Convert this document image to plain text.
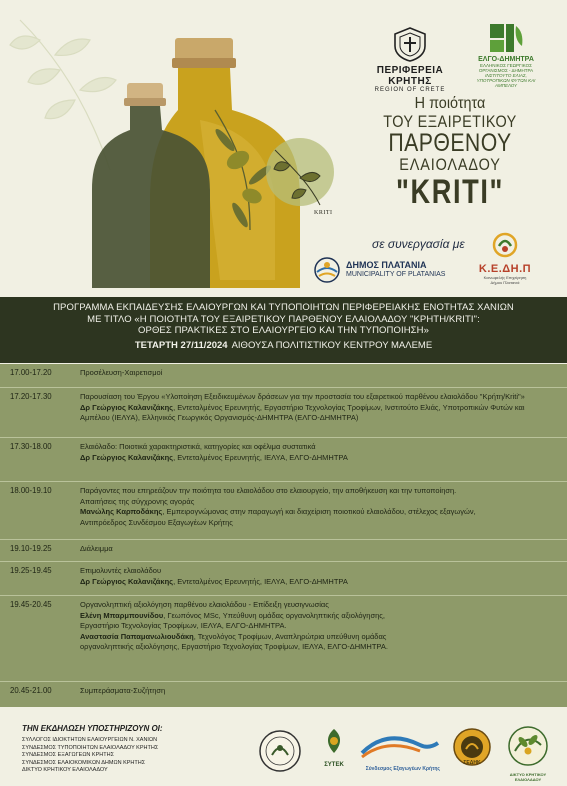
ΠΕΡΙΦΕΡΕΙΑ ΚΡΗΤΗΣ
REGION OF CRETE
ΕΛΓΟ-ΔΗΜΗΤΡΑ
ΕΛΛΗΝΙΚΟΣ ΓΕΩΡΓΙΚΟΣ
ΟΡΓΑΝΙΣΜΟΣ - ΔΗΜΗΤΡΑ
ΙΝΣΤΙΤΟΥΤΟ ΕΛΙΑΣ,
ΥΠΟΤΡΟΠΙΚΩΝ ΦΥΤΩΝ ΚΑΙ ΑΜΠΕΛΟΥ
Η ποιότητα
ΤΟΥ ΕΞΑΙΡΕΤΙΚΟΥ
ΠΑΡΘΕΝΟΥ
ΕΛΑΙΟΛΑΔΟΥ
"KRITI"
KRITI
σε συνεργασία με
ΔΗΜΟΣ ΠΛΑΤΑΝΙΑ
MUNICIPALITY OF PLATANIAS	Κ.Ε.ΔΗ.Π
Κοινωφελής Επιχείρηση
Δήμου Πλατανιά
ΠΡΟΓΡΑΜΜΑ ΕΚΠΑΙΔΕΥΣΗΣ ΕΛΑΙΟΥΡΓΩΝ ΚΑΙ ΤΥΠΟΠΟΙΗΤΩΝ ΠΕΡΙΦΕΡΕΙΑΚΗΣ ΕΝΟΤΗΤΑΣ ΧΑΝΙΩΝ
ΜΕ ΤΙΤΛΟ «Η ΠΟΙΟΤΗΤΑ ΤΟΥ ΕΞΑΙΡΕΤΙΚΟΥ ΠΑΡΘΕΝΟΥ ΕΛΑΙΟΛΑΔΟΥ "ΚΡΗΤΗ/KRITI":
ΟΡΘΕΣ ΠΡΑΚΤΙΚΕΣ ΣΤΟ ΕΛΑΙΟΥΡΓΕΙΟ ΚΑΙ ΤΗΝ ΤΥΠΟΠΟΙΗΣΗ»
ΤΕΤΑΡΤΗ 27/11/2024 ΑΙΘΟΥΣΑ ΠΟΛΙΤΙΣΤΙΚΟΥ ΚΕΝΤΡΟΥ ΜΑΛΕΜΕ
17.00-17.20	Προσέλευση-Χαιρετισμοί
17.20-17.30	Παρουσίαση του Έργου «Υλοποίηση Εξειδικευμένων δράσεων για την προστασία του εξαιρετικού παρθένου ελαιολάδου "Κρήτη/Kriti"»
Δρ Γεώργιος Καλανιζάκης, Εντεταλμένος Ερευνητής, Εργαστήριο Τεχνολογίας Τροφίμων, Ινστιτούτο Ελιάς, Υποτροπικών Φυτών και
Αμπέλου (ΙΕΛΥΑ), Ελληνικός Γεωργικός Οργανισμός-ΔΗΜΗΤΡΑ (ΕΛΓΟ-ΔΗΜΗΤΡΑ)
17.30-18.00	Ελαιόλαδο: Ποιοτικά χαρακτηριστικά, κατηγορίες και οφέλιμα συστατικά
Δρ Γεώργιος Καλανιζάκης, Εντεταλμένος Ερευνητής, ΙΕΛΥΑ, ΕΛΓΟ-ΔΗΜΗΤΡΑ
18.00-19.10	Παράγοντες που επηρεάζουν την ποιότητα του ελαιολάδου στο ελαιουργείο, την αποθήκευση και την τυποποίηση.
Απαιτήσεις της σύγχρονης αγοράς
Μανώλης Καρποδάκης, Εμπειρογνώμονας στην παραγωγή και διαχείριση ποιοτικού ελαιολάδου, στέλεχος εξαγωγών,
Αντιπρόεδρος Συνδέσμου Εξαγωγέων Κρήτης
19.10-19.25	Διάλειμμα
19.25-19.45	Επιμολυντές ελαιολάδου
Δρ Γεώργιος Καλανιζάκης, Εντεταλμένος Ερευνητής, ΙΕΛΥΑ, ΕΛΓΟ-ΔΗΜΗΤΡΑ
19.45-20.45	Οργανοληπτική αξιολόγηση παρθένου ελαιολάδου - Επίδειξη γευσιγνωσίας
Ελένη Μπαρμπουνίδου, Γεωπόνος MSc, Υπεύθυνη ομάδας οργανοληπτικής αξιολόγησης,
Εργαστήριο Τεχνολογίας Τροφίμων, ΙΕΛΥΑ, ΕΛΓΟ-ΔΗΜΗΤΡΑ.
Αναστασία Παπαμανωλιουδάκη, Τεχνολόγος Τροφίμων, Αναπληρώτρια υπεύθυνη ομάδας
οργανοληπτικής αξιολόγησης, Εργαστήριο Τεχνολογίας Τροφίμων, ΙΕΛΥΑ, ΕΛΓΟ-ΔΗΜΗΤΡΑ.
20.45-21.00	Συμπεράσματα-Συζήτηση
ΤΗΝ ΕΚΔΗΛΩΣΗ ΥΠΟΣΤΗΡΙΖΟΥΝ ΟΙ:
ΣΥΛΛΟΓΟΣ ΙΔΙΟΚΤΗΤΩΝ ΕΛΑΙΟΥΡΓΕΙΩΝ Ν. ΧΑΝΙΩΝ
ΣΥΝΔΕΣΜΟΣ ΤΥΠΟΠΟΙΗΤΩΝ ΕΛΑΙΟΛΑΔΟΥ ΚΡΗΤΗΣ
ΣΥΝΔΕΣΜΟΣ ΕΞΑΓΩΓΕΩΝ ΚΡΗΤΗΣ
ΣΥΝΔΕΣΜΟΣ ΕΛΑΙΟΚΟΜΙΚΩΝ ΔΗΜΩΝ ΚΡΗΤΗΣ
ΔΙΚΤΥΟ ΚΡΗΤΙΚΟΥ ΕΛΑΙΟΛΑΔΟΥ
ΣΥΤΕΚ
Σύνδεσμος Εξαγωγέων Κρήτης
ΣΕΔΗΚ
ΔΙΚΤΥΟ ΚΡΗΤΙΚΟΥ ΕΛΑΙΟΛΑΔΟΥ
